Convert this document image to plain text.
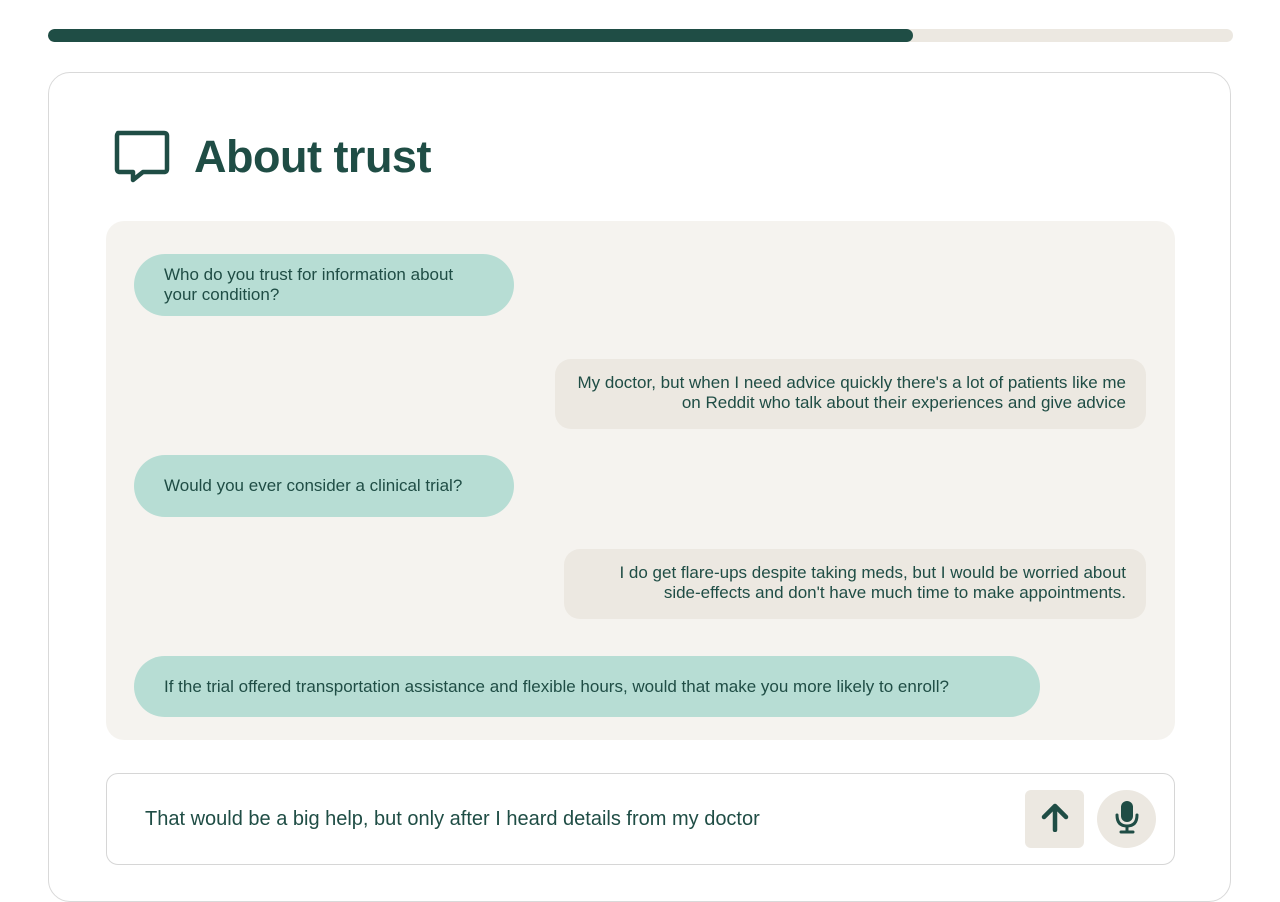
About trust
Who do you trust for information about your condition?
My doctor, but when I need advice quickly there's a lot of patients like me on Reddit who talk about their experiences and give advice
Would you ever consider a clinical trial?
I do get flare-ups despite taking meds, but I would be worried about side-effects and don't have much time to make appointments.
If the trial offered transportation assistance and flexible hours, would that make you more likely to enroll?
That would be a big help, but only after I heard details from my doctor
